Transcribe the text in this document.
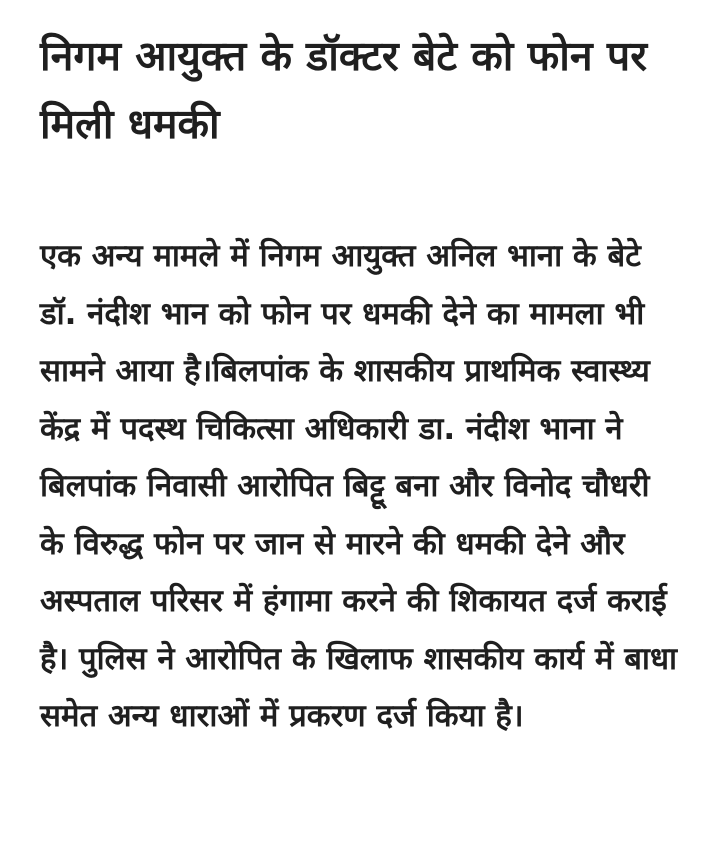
निगम आयुक्त के डॉक्टर बेटे को फोन पर मिली धमकी

एक अन्य मामले में निगम आयुक्त अनिल भाना के बेटे डॉ. नंदीश भान को फोन पर धमकी देने का मामला भी सामने आया है।बिलपांक के शासकीय प्राथमिक स्वास्थ्य केंद्र में पदस्थ चिकित्सा अधिकारी डा. नंदीश भाना ने बिलपांक निवासी आरोपित बिट्टू बना और विनोद चौधरी के विरुद्ध फोन पर जान से मारने की धमकी देने और अस्पताल परिसर में हंगामा करने की शिकायत दर्ज कराई है। पुलिस ने आरोपित के खिलाफ शासकीय कार्य में बाधा समेत अन्य धाराओं में प्रकरण दर्ज किया है।
